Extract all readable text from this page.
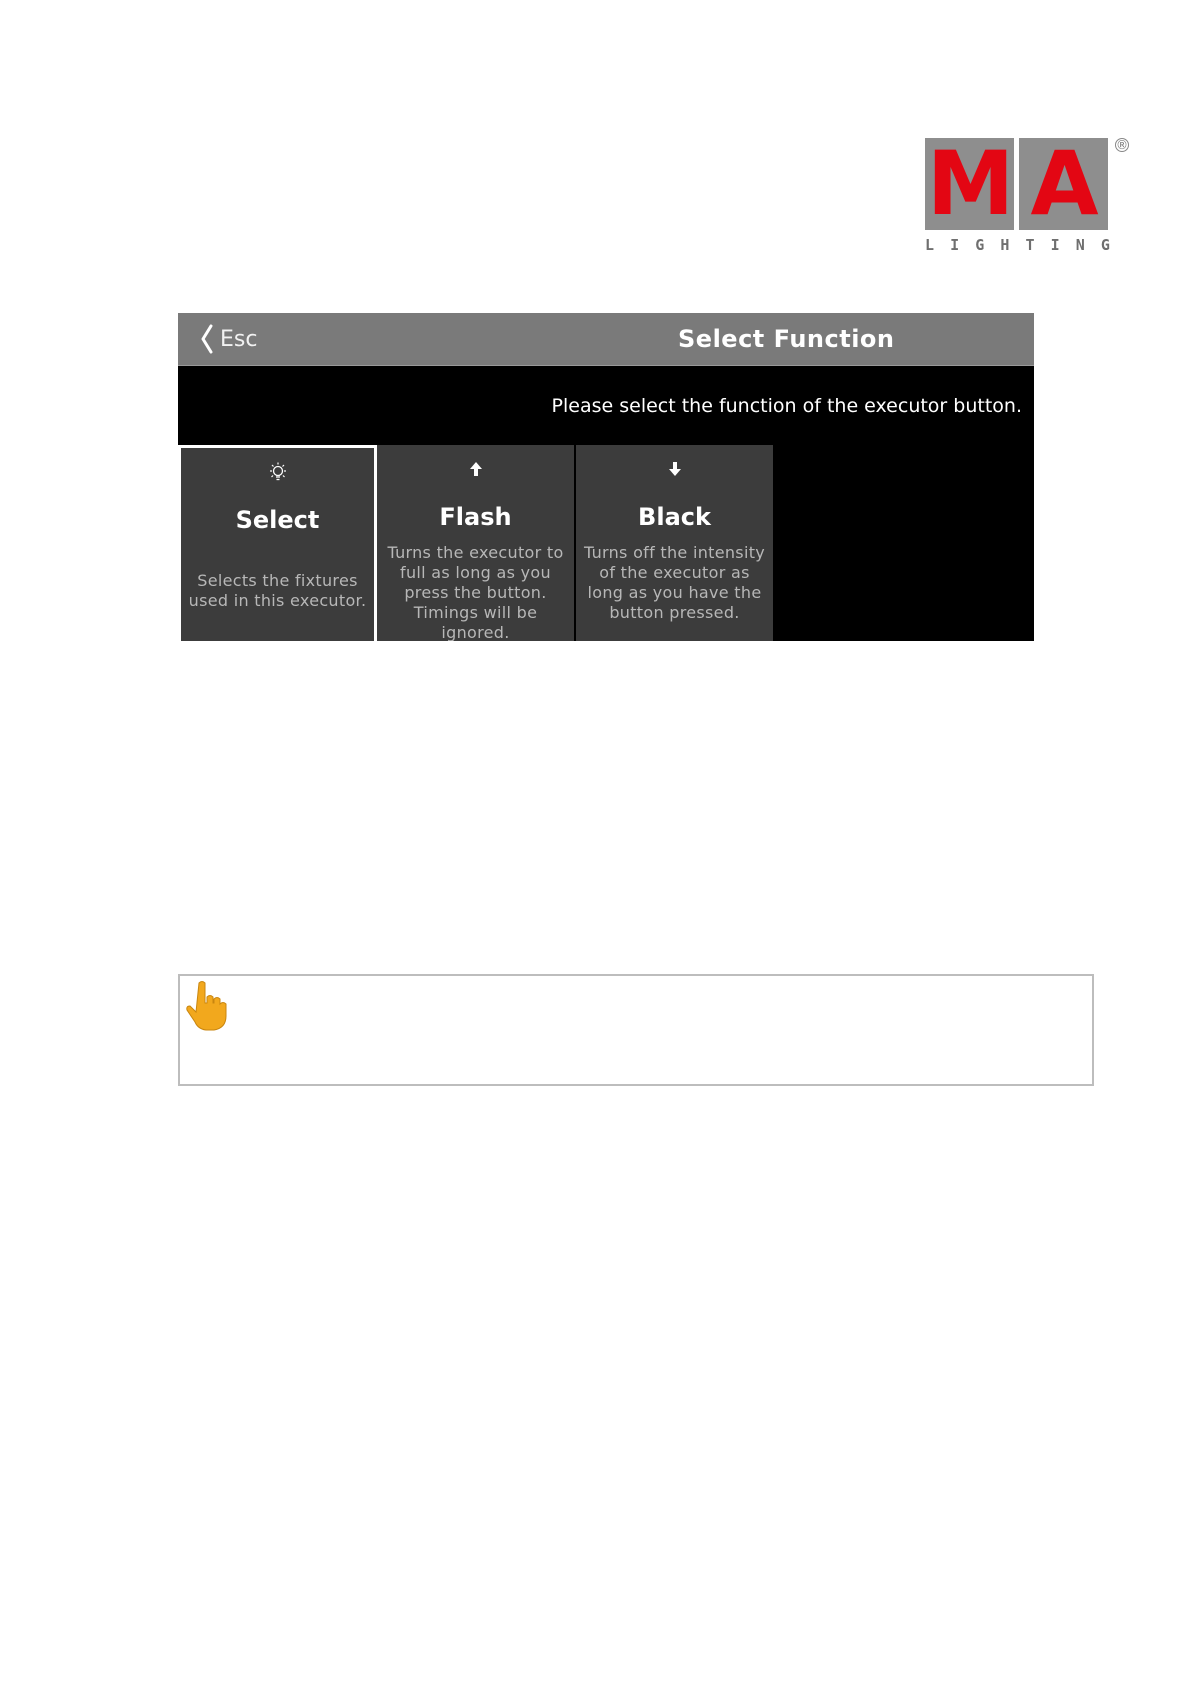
M A	®
L I G H T I N G
Esc	Select Function
Please select the function of the executor button.
Select
Selects the fixtures used in this executor.
Flash
Turns the executor to full as long as you press the button. Timings will be ignored.
Black
Turns off the intensity of the executor as long as you have the button pressed.
